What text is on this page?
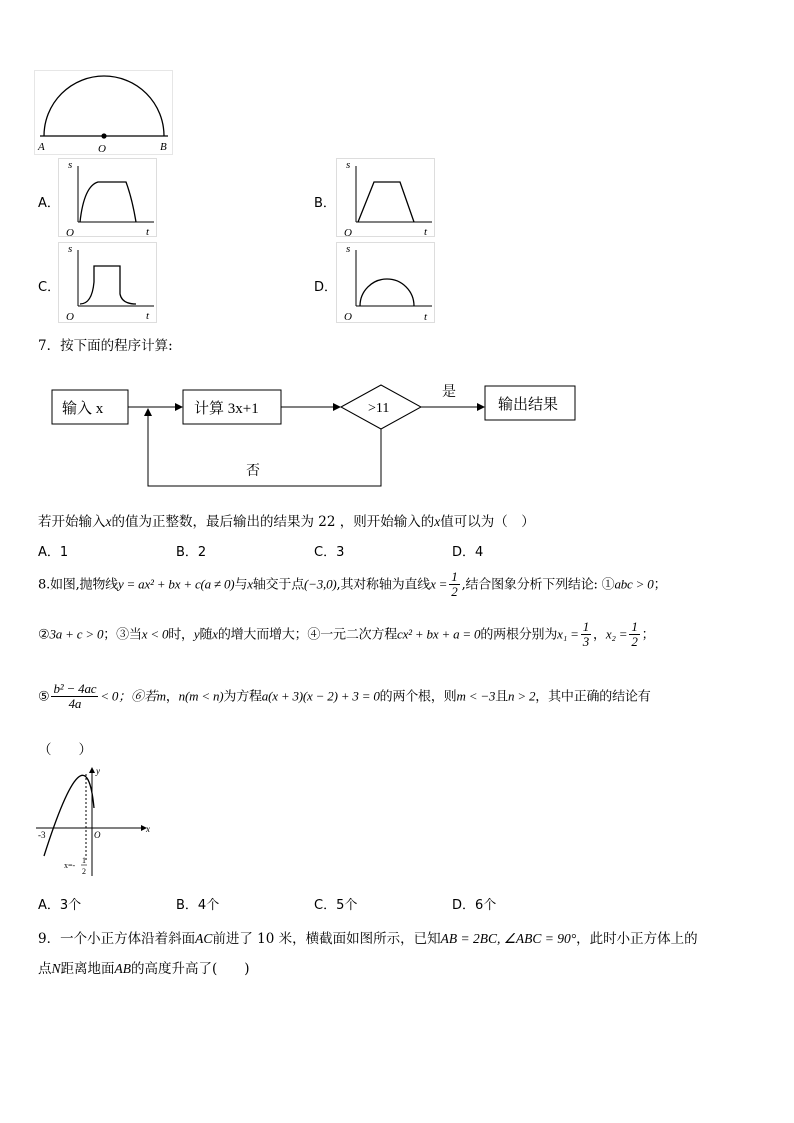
A	O	B
A．
s
t
O
B．
s
t
O
C．
s
t
O
D．
s
t
O
7．按下面的程序计算:
输入 x	计算 3x+1	>11
是
输出结果
否
若开始输入x的值为正整数，最后输出的结果为 22 ，则开始输入的x值可以为（　）
A．1	B．2	C．3	D．4
8.如图,抛物线y = ax² + bx + c(a ≠ 0)与x轴交于点(−3,0),其对称轴为直线$x = \frac{1}{2}$ ,结合图象分析下列结论: ①abc > 0；
②3a + c > 0；③当x < 0时，y随x的增大而增大；④一元二次方程cx² + bx + a = 0的两根分别为$x_1 = \frac{1}{3}$ ，$x_2 = \frac{1}{2}$ ；
⑤ $\frac{\text{b² − 4ac}}{4a} < 0$；⑥若m，n(m < n)为方程a(x + 3)(x − 2) + 3 = 0的两个根，则m < −3且n > 2，其中正确的结论有
（　　）
y
x
O
-3
x=-
1
2
A．3个	B．4个	C．5个	D．6个
9．一个小正方体沿着斜面AC前进了 10 米，横截面如图所示，已知AB = 2BC, ∠ABC = 90°，此时小正方体上的
点N距离地面AB的高度升高了(　　)
